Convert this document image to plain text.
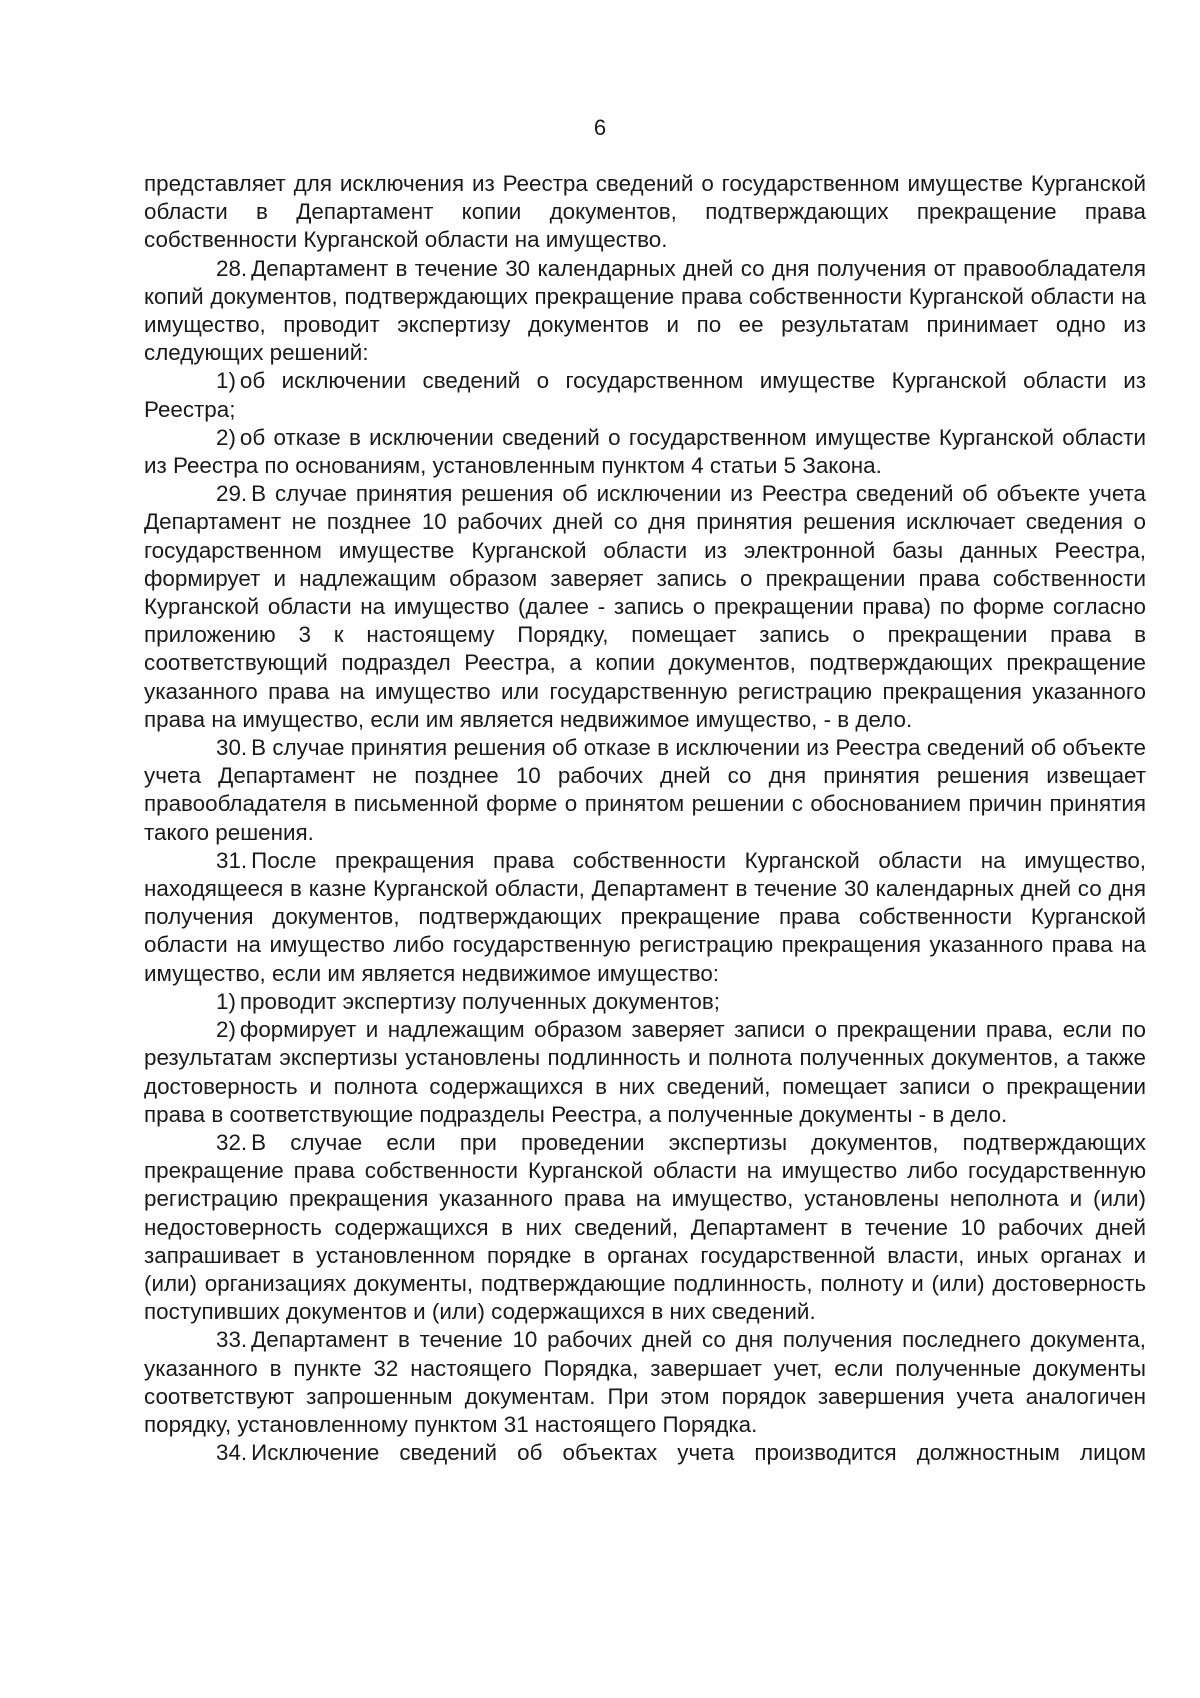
6

представляет для исключения из Реестра сведений о государственном имуществе Курганской области в Департамент копии документов, подтверждающих прекращение права собственности Курганской области на имущество.

28. Департамент в течение 30 календарных дней со дня получения от правообладателя копий документов, подтверждающих прекращение права собственности Курганской области на имущество, проводит экспертизу документов и по ее результатам принимает одно из следующих решений:

1) об исключении сведений о государственном имуществе Курганской области из Реестра;

2) об отказе в исключении сведений о государственном имуществе Курганской области из Реестра по основаниям, установленным пунктом 4 статьи 5 Закона.

29. В случае принятия решения об исключении из Реестра сведений об объекте учета Департамент не позднее 10 рабочих дней со дня принятия решения исключает сведения о государственном имуществе Курганской области из электронной базы данных Реестра, формирует и надлежащим образом заверяет запись о прекращении права собственности Курганской области на имущество (далее - запись о прекращении права) по форме согласно приложению 3 к настоящему Порядку, помещает запись о прекращении права в соответствующий подраздел Реестра, а копии документов, подтверждающих прекращение указанного права на имущество или государственную регистрацию прекращения указанного права на имущество, если им является недвижимое имущество, - в дело.

30. В случае принятия решения об отказе в исключении из Реестра сведений об объекте учета Департамент не позднее 10 рабочих дней со дня принятия решения извещает правообладателя в письменной форме о принятом решении с обоснованием причин принятия такого решения.

31. После прекращения права собственности Курганской области на имущество, находящееся в казне Курганской области, Департамент в течение 30 календарных дней со дня получения документов, подтверждающих прекращение права собственности Курганской области на имущество либо государственную регистрацию прекращения указанного права на имущество, если им является недвижимое имущество:

1) проводит экспертизу полученных документов;

2) формирует и надлежащим образом заверяет записи о прекращении права, если по результатам экспертизы установлены подлинность и полнота полученных документов, а также достоверность и полнота содержащихся в них сведений, помещает записи о прекращении права в соответствующие подразделы Реестра, а полученные документы - в дело.

32. В случае если при проведении экспертизы документов, подтверждающих прекращение права собственности Курганской области на имущество либо государственную регистрацию прекращения указанного права на имущество, установлены неполнота и (или) недостоверность содержащихся в них сведений, Департамент в течение 10 рабочих дней запрашивает в установленном порядке в органах государственной власти, иных органах и (или) организациях документы, подтверждающие подлинность, полноту и (или) достоверность поступивших документов и (или) содержащихся в них сведений.

33. Департамент в течение 10 рабочих дней со дня получения последнего документа, указанного в пункте 32 настоящего Порядка, завершает учет, если полученные документы соответствуют запрошенным документам. При этом порядок завершения учета аналогичен порядку, установленному пунктом 31 настоящего Порядка.

34. Исключение сведений об объектах учета производится должностным лицом
